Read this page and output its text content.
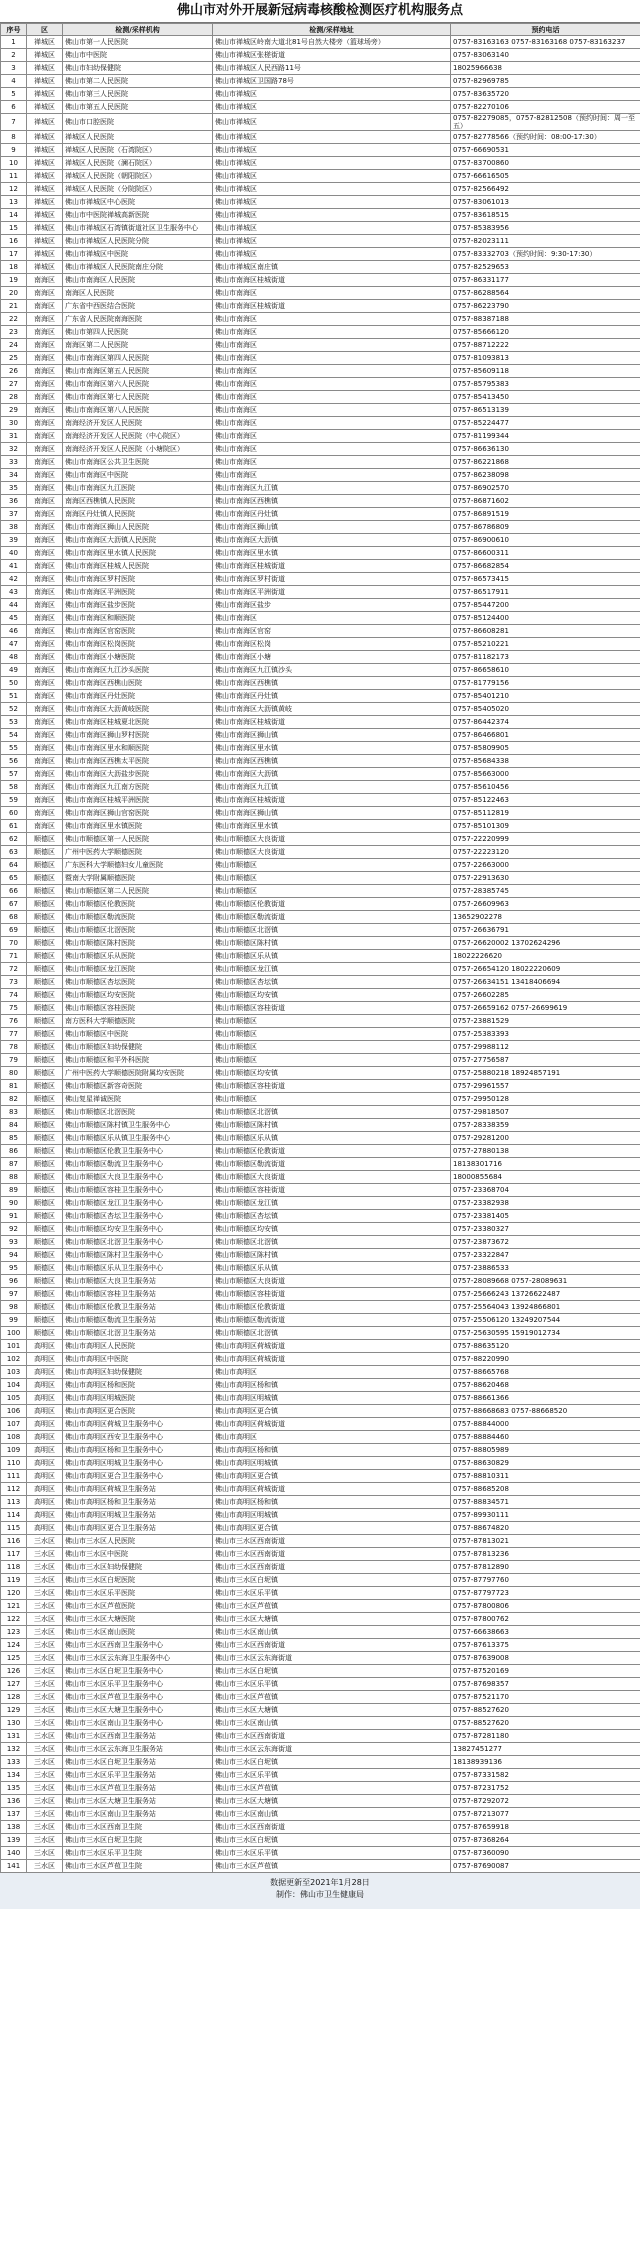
佛山市对外开展新冠病毒核酸检测医疗机构服务点
序号	区	检测/采样机构	检测/采样地址	预约电话
1	禅城区	佛山市第一人民医院	佛山市禅城区岭南大道北81号自然大楼旁（篮球场旁）	0757-83163163 0757-83163168 0757-83163237
2	禅城区	佛山市中医院	佛山市禅城区张槎街道	0757-83063140
3	禅城区	佛山市妇幼保健院	佛山市禅城区人民西路11号	18025966638
4	禅城区	佛山市第二人民医院	佛山市禅城区卫国路78号	0757-82969785
5	禅城区	佛山市第三人民医院	佛山市禅城区	0757-83635720
6	禅城区	佛山市第五人民医院	佛山市禅城区	0757-82270106
7	禅城区	佛山市口腔医院	佛山市禅城区	0757-82279085，0757-82812508（预约时间：周一至五）
8	禅城区	禅城区人民医院	佛山市禅城区	0757-82778566（预约时间：08:00-17:30）
9	禅城区	禅城区人民医院（石湾院区）	佛山市禅城区	0757-66690531
10	禅城区	禅城区人民医院（澜石院区）	佛山市禅城区	0757-83700860
11	禅城区	禅城区人民医院（朝阳院区）	佛山市禅城区	0757-66616505
12	禅城区	禅城区人民医院（分院院区）	佛山市禅城区	0757-82566492
13	禅城区	佛山市禅城区中心医院	佛山市禅城区	0757-83061013
14	禅城区	佛山市中医院禅城高新医院	佛山市禅城区	0757-83618515
15	禅城区	佛山市禅城区石湾镇街道社区卫生服务中心	佛山市禅城区	0757-85383956
16	禅城区	佛山市禅城区人民医院分院	佛山市禅城区	0757-82023111
17	禅城区	佛山市禅城区中医院	佛山市禅城区	0757-83332703（预约时间：9:30-17:30）
18	禅城区	佛山市禅城区人民医院南庄分院	佛山市禅城区南庄镇	0757-82529653
19	南海区	佛山市南海区人民医院	佛山市南海区桂城街道	0757-86331177
20	南海区	南海区人民医院	佛山市南海区	0757-86288564
21	南海区	广东省中西医结合医院	佛山市南海区桂城街道	0757-86223790
22	南海区	广东省人民医院南海医院	佛山市南海区	0757-88387188
23	南海区	佛山市第四人民医院	佛山市南海区	0757-85666120
24	南海区	南海区第二人民医院	佛山市南海区	0757-88712222
25	南海区	佛山市南海区第四人民医院	佛山市南海区	0757-81093813
26	南海区	佛山市南海区第五人民医院	佛山市南海区	0757-85609118
27	南海区	佛山市南海区第六人民医院	佛山市南海区	0757-85795383
28	南海区	佛山市南海区第七人民医院	佛山市南海区	0757-85413450
29	南海区	佛山市南海区第八人民医院	佛山市南海区	0757-86513139
30	南海区	南海经济开发区人民医院	佛山市南海区	0757-85224477
31	南海区	南海经济开发区人民医院（中心院区）	佛山市南海区	0757-81199344
32	南海区	南海经济开发区人民医院（小塘院区）	佛山市南海区	0757-86636130
33	南海区	佛山市南海区公共卫生医院	佛山市南海区	0757-86221868
34	南海区	佛山市南海区中医院	佛山市南海区	0757-86238098
35	南海区	佛山市南海区九江医院	佛山市南海区九江镇	0757-86902570
36	南海区	南海区西樵镇人民医院	佛山市南海区西樵镇	0757-86871602
37	南海区	南海区丹灶镇人民医院	佛山市南海区丹灶镇	0757-86891519
38	南海区	佛山市南海区狮山人民医院	佛山市南海区狮山镇	0757-86786809
39	南海区	佛山市南海区大沥镇人民医院	佛山市南海区大沥镇	0757-86900610
40	南海区	佛山市南海区里水镇人民医院	佛山市南海区里水镇	0757-86600311
41	南海区	佛山市南海区桂城人民医院	佛山市南海区桂城街道	0757-86682854
42	南海区	佛山市南海区罗村医院	佛山市南海区罗村街道	0757-86573415
43	南海区	佛山市南海区平洲医院	佛山市南海区平洲街道	0757-86517911
44	南海区	佛山市南海区盐步医院	佛山市南海区盐步	0757-85447200
45	南海区	佛山市南海区和顺医院	佛山市南海区	0757-85124400
46	南海区	佛山市南海区官窑医院	佛山市南海区官窑	0757-86608281
47	南海区	佛山市南海区松岗医院	佛山市南海区松岗	0757-85210221
48	南海区	佛山市南海区小塘医院	佛山市南海区小塘	0757-81182173
49	南海区	佛山市南海区九江沙头医院	佛山市南海区九江镇沙头	0757-86658610
50	南海区	佛山市南海区西樵山医院	佛山市南海区西樵镇	0757-81779156
51	南海区	佛山市南海区丹灶医院	佛山市南海区丹灶镇	0757-85401210
52	南海区	佛山市南海区大沥黄岐医院	佛山市南海区大沥镇黄岐	0757-85405020
53	南海区	佛山市南海区桂城夏北医院	佛山市南海区桂城街道	0757-86442374
54	南海区	佛山市南海区狮山罗村医院	佛山市南海区狮山镇	0757-86466801
55	南海区	佛山市南海区里水和顺医院	佛山市南海区里水镇	0757-85809905
56	南海区	佛山市南海区西樵太平医院	佛山市南海区西樵镇	0757-85684338
57	南海区	佛山市南海区大沥盐步医院	佛山市南海区大沥镇	0757-85663000
58	南海区	佛山市南海区九江南方医院	佛山市南海区九江镇	0757-85610456
59	南海区	佛山市南海区桂城平洲医院	佛山市南海区桂城街道	0757-85122463
60	南海区	佛山市南海区狮山官窑医院	佛山市南海区狮山镇	0757-85112819
61	南海区	佛山市南海区里水镇医院	佛山市南海区里水镇	0757-85101309
62	顺德区	佛山市顺德区第一人民医院	佛山市顺德区大良街道	0757-22220999
63	顺德区	广州中医药大学顺德医院	佛山市顺德区大良街道	0757-22223120
64	顺德区	广东医科大学顺德妇女儿童医院	佛山市顺德区	0757-22663000
65	顺德区	暨南大学附属顺德医院	佛山市顺德区	0757-22913630
66	顺德区	佛山市顺德区第二人民医院	佛山市顺德区	0757-28385745
67	顺德区	佛山市顺德区伦教医院	佛山市顺德区伦教街道	0757-26609963
68	顺德区	佛山市顺德区勒流医院	佛山市顺德区勒流街道	13652902278
69	顺德区	佛山市顺德区北滘医院	佛山市顺德区北滘镇	0757-26636791
70	顺德区	佛山市顺德区陈村医院	佛山市顺德区陈村镇	0757-26620002 13702624296
71	顺德区	佛山市顺德区乐从医院	佛山市顺德区乐从镇	18022226620
72	顺德区	佛山市顺德区龙江医院	佛山市顺德区龙江镇	0757-26654120 18022220609
73	顺德区	佛山市顺德区杏坛医院	佛山市顺德区杏坛镇	0757-26634151 13418406694
74	顺德区	佛山市顺德区均安医院	佛山市顺德区均安镇	0757-26602285
75	顺德区	佛山市顺德区容桂医院	佛山市顺德区容桂街道	0757-26659162 0757-26699619
76	顺德区	南方医科大学顺德医院	佛山市顺德区	0757-23881529
77	顺德区	佛山市顺德区中医院	佛山市顺德区	0757-25383393
78	顺德区	佛山市顺德区妇幼保健院	佛山市顺德区	0757-29988112
79	顺德区	佛山市顺德区和平外科医院	佛山市顺德区	0757-27756587
80	顺德区	广州中医药大学顺德医院附属均安医院	佛山市顺德区均安镇	0757-25880218 18924857191
81	顺德区	佛山市顺德区新容奇医院	佛山市顺德区容桂街道	0757-29961557
82	顺德区	佛山复星禅诚医院	佛山市顺德区	0757-29950128
83	顺德区	佛山市顺德区北滘医院	佛山市顺德区北滘镇	0757-29818507
84	顺德区	佛山市顺德区陈村镇卫生服务中心	佛山市顺德区陈村镇	0757-28338359
85	顺德区	佛山市顺德区乐从镇卫生服务中心	佛山市顺德区乐从镇	0757-29281200
86	顺德区	佛山市顺德区伦教卫生服务中心	佛山市顺德区伦教街道	0757-27880138
87	顺德区	佛山市顺德区勒流卫生服务中心	佛山市顺德区勒流街道	18138301716
88	顺德区	佛山市顺德区大良卫生服务中心	佛山市顺德区大良街道	18000855684
89	顺德区	佛山市顺德区容桂卫生服务中心	佛山市顺德区容桂街道	0757-23368704
90	顺德区	佛山市顺德区龙江卫生服务中心	佛山市顺德区龙江镇	0757-23382938
91	顺德区	佛山市顺德区杏坛卫生服务中心	佛山市顺德区杏坛镇	0757-23381405
92	顺德区	佛山市顺德区均安卫生服务中心	佛山市顺德区均安镇	0757-23380327
93	顺德区	佛山市顺德区北滘卫生服务中心	佛山市顺德区北滘镇	0757-23873672
94	顺德区	佛山市顺德区陈村卫生服务中心	佛山市顺德区陈村镇	0757-23322847
95	顺德区	佛山市顺德区乐从卫生服务中心	佛山市顺德区乐从镇	0757-23886533
96	顺德区	佛山市顺德区大良卫生服务站	佛山市顺德区大良街道	0757-28089668 0757-28089631
97	顺德区	佛山市顺德区容桂卫生服务站	佛山市顺德区容桂街道	0757-25666243 13726622487
98	顺德区	佛山市顺德区伦教卫生服务站	佛山市顺德区伦教街道	0757-25564043 13924866801
99	顺德区	佛山市顺德区勒流卫生服务站	佛山市顺德区勒流街道	0757-25506120 13249207544
100	顺德区	佛山市顺德区北滘卫生服务站	佛山市顺德区北滘镇	0757-25630595 15919012734
101	高明区	佛山市高明区人民医院	佛山市高明区荷城街道	0757-88635120
102	高明区	佛山市高明区中医院	佛山市高明区荷城街道	0757-88220990
103	高明区	佛山市高明区妇幼保健院	佛山市高明区	0757-88665768
104	高明区	佛山市高明区杨和医院	佛山市高明区杨和镇	0757-88620468
105	高明区	佛山市高明区明城医院	佛山市高明区明城镇	0757-88661366
106	高明区	佛山市高明区更合医院	佛山市高明区更合镇	0757-88668683 0757-88668520
107	高明区	佛山市高明区荷城卫生服务中心	佛山市高明区荷城街道	0757-88844000
108	高明区	佛山市高明区西安卫生服务中心	佛山市高明区	0757-88884460
109	高明区	佛山市高明区杨和卫生服务中心	佛山市高明区杨和镇	0757-88805989
110	高明区	佛山市高明区明城卫生服务中心	佛山市高明区明城镇	0757-88630829
111	高明区	佛山市高明区更合卫生服务中心	佛山市高明区更合镇	0757-88810311
112	高明区	佛山市高明区荷城卫生服务站	佛山市高明区荷城街道	0757-88685208
113	高明区	佛山市高明区杨和卫生服务站	佛山市高明区杨和镇	0757-88834571
114	高明区	佛山市高明区明城卫生服务站	佛山市高明区明城镇	0757-89930111
115	高明区	佛山市高明区更合卫生服务站	佛山市高明区更合镇	0757-88674820
116	三水区	佛山市三水区人民医院	佛山市三水区西南街道	0757-87813021
117	三水区	佛山市三水区中医院	佛山市三水区西南街道	0757-87813236
118	三水区	佛山市三水区妇幼保健院	佛山市三水区西南街道	0757-87812890
119	三水区	佛山市三水区白坭医院	佛山市三水区白坭镇	0757-87797760
120	三水区	佛山市三水区乐平医院	佛山市三水区乐平镇	0757-87797723
121	三水区	佛山市三水区芦苞医院	佛山市三水区芦苞镇	0757-87800806
122	三水区	佛山市三水区大塘医院	佛山市三水区大塘镇	0757-87800762
123	三水区	佛山市三水区南山医院	佛山市三水区南山镇	0757-66638663
124	三水区	佛山市三水区西南卫生服务中心	佛山市三水区西南街道	0757-87613375
125	三水区	佛山市三水区云东海卫生服务中心	佛山市三水区云东海街道	0757-87639008
126	三水区	佛山市三水区白坭卫生服务中心	佛山市三水区白坭镇	0757-87520169
127	三水区	佛山市三水区乐平卫生服务中心	佛山市三水区乐平镇	0757-87698357
128	三水区	佛山市三水区芦苞卫生服务中心	佛山市三水区芦苞镇	0757-87521170
129	三水区	佛山市三水区大塘卫生服务中心	佛山市三水区大塘镇	0757-88527620
130	三水区	佛山市三水区南山卫生服务中心	佛山市三水区南山镇	0757-88527620
131	三水区	佛山市三水区西南卫生服务站	佛山市三水区西南街道	0757-87281180
132	三水区	佛山市三水区云东海卫生服务站	佛山市三水区云东海街道	13827451277
133	三水区	佛山市三水区白坭卫生服务站	佛山市三水区白坭镇	18138939136
134	三水区	佛山市三水区乐平卫生服务站	佛山市三水区乐平镇	0757-87331582
135	三水区	佛山市三水区芦苞卫生服务站	佛山市三水区芦苞镇	0757-87231752
136	三水区	佛山市三水区大塘卫生服务站	佛山市三水区大塘镇	0757-87292072
137	三水区	佛山市三水区南山卫生服务站	佛山市三水区南山镇	0757-87213077
138	三水区	佛山市三水区西南卫生院	佛山市三水区西南街道	0757-87659918
139	三水区	佛山市三水区白坭卫生院	佛山市三水区白坭镇	0757-87368264
140	三水区	佛山市三水区乐平卫生院	佛山市三水区乐平镇	0757-87360090
141	三水区	佛山市三水区芦苞卫生院	佛山市三水区芦苞镇	0757-87690087
数据更新至2021年1月28日
制作：佛山市卫生健康局
